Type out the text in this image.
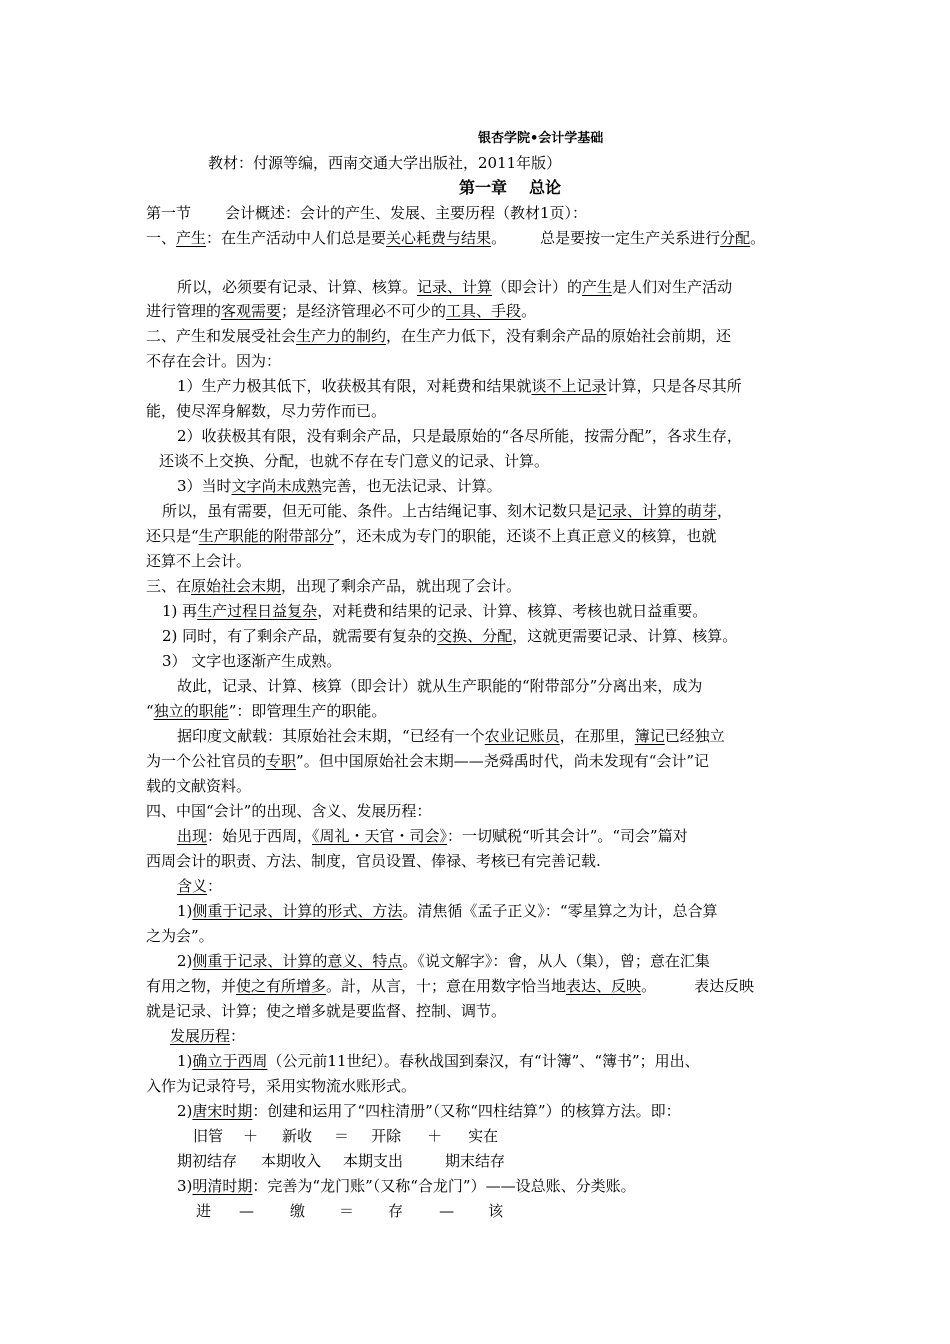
银杏学院•会计学基础
教材：付源等编，西南交通大学出版社，2011年版）
第一章 总论
第一节 会计概述：会计的产生、发展、主要历程（教材1页）：
一、产生：在生产活动中人们总是要关心耗费与结果。 总是要按一定生产关系进行分配。
所以，必须要有记录、计算、核算。记录、计算（即会计）的产生是人们对生产活动
进行管理的客观需要；是经济管理必不可少的工具、手段。
二、产生和发展受社会生产力的制约，在生产力低下，没有剩余产品的原始社会前期，还
不存在会计。因为：
1）生产力极其低下，收获极其有限，对耗费和结果就谈不上记录计算，只是各尽其所
能，使尽浑身解数，尽力劳作而已。
2）收获极其有限，没有剩余产品，只是最原始的“各尽所能，按需分配”，各求生存，
还谈不上交换、分配，也就不存在专门意义的记录、计算。
3）当时文字尚未成熟完善，也无法记录、计算。
所以，虽有需要，但无可能、条件。上古结绳记事、刻木记数只是记录、计算的萌芽，
还只是“生产职能的附带部分”，还未成为专门的职能，还谈不上真正意义的核算，也就
还算不上会计。
三、在原始社会末期，出现了剩余产品，就出现了会计。
1) 再生产过程日益复杂，对耗费和结果的记录、计算、核算、考核也就日益重要。
2) 同时，有了剩余产品，就需要有复杂的交换、分配，这就更需要记录、计算、核算。
3） 文字也逐渐产生成熟。
故此，记录、计算、核算（即会计）就从生产职能的“附带部分”分离出来，成为
“独立的职能”：即管理生产的职能。
据印度文献载：其原始社会末期，“已经有一个农业记账员，在那里，簿记已经独立
为一个公社官员的专职”。但中国原始社会末期——尧舜禹时代，尚未发现有“会计”记
载的文献资料。
四、中国“会计”的出现、含义、发展历程：
出现：始见于西周，《周礼・天官・司会》：一切赋税“听其会计”。“司会”篇对
西周会计的职责、方法、制度，官员设置、俸禄、考核已有完善记载.
含义：
1)侧重于记录、计算的形式、方法。清焦循《孟子正义》：“零星算之为计，总合算
之为会”。
2)侧重于记录、计算的意义、特点。《说文解字》：會，从人（集），曾；意在汇集
有用之物，并使之有所增多。計，从言，十；意在用数字恰当地表达、反映。	表达反映
就是记录、计算；使之增多就是要监督、控制、调节。
发展历程：
1)确立于西周（公元前11世纪）。春秋战国到秦汉，有“计簿”、“簿书”；用出、
入作为记录符号，采用实物流水账形式。
2)唐宋时期：创建和运用了“四柱清册”（又称“四柱结算”）的核算方法。即：
旧管 ＋ 新收 ＝ 开除 ＋ 实在
期初结存 本期收入 本期支出	期末结存
3)明清时期：完善为“龙门账”（又称“合龙门”）——设总账、分类账。
进 — 缴 ＝ 存 — 该
